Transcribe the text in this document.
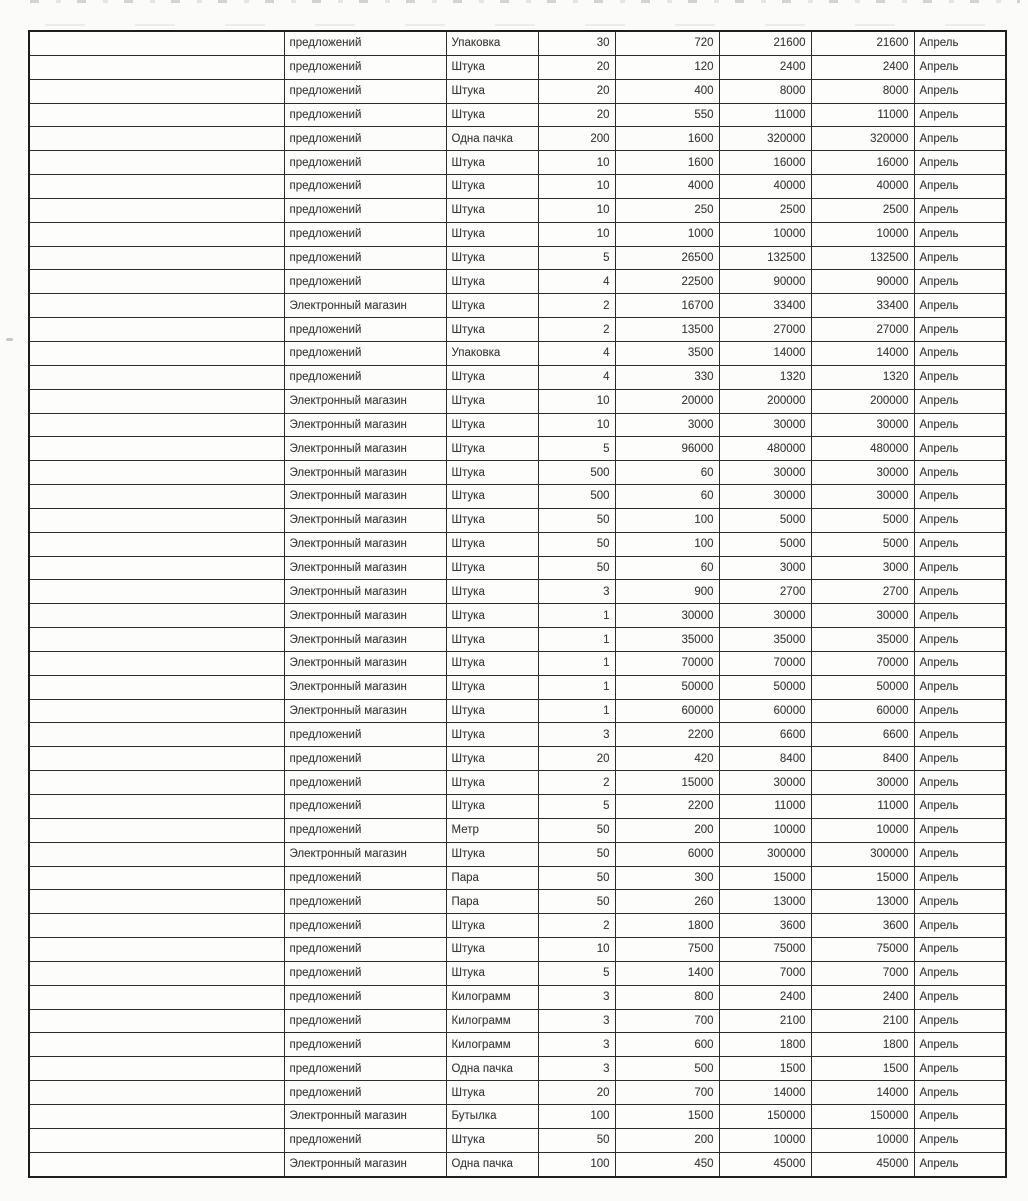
	предложений	Упаковка	30	720	21600	21600	Апрель
	предложений	Штука	20	120	2400	2400	Апрель
	предложений	Штука	20	400	8000	8000	Апрель
	предложений	Штука	20	550	11000	11000	Апрель
	предложений	Одна пачка	200	1600	320000	320000	Апрель
	предложений	Штука	10	1600	16000	16000	Апрель
	предложений	Штука	10	4000	40000	40000	Апрель
	предложений	Штука	10	250	2500	2500	Апрель
	предложений	Штука	10	1000	10000	10000	Апрель
	предложений	Штука	5	26500	132500	132500	Апрель
	предложений	Штука	4	22500	90000	90000	Апрель
	Электронный магазин	Штука	2	16700	33400	33400	Апрель
	предложений	Штука	2	13500	27000	27000	Апрель
	предложений	Упаковка	4	3500	14000	14000	Апрель
	предложений	Штука	4	330	1320	1320	Апрель
	Электронный магазин	Штука	10	20000	200000	200000	Апрель
	Электронный магазин	Штука	10	3000	30000	30000	Апрель
	Электронный магазин	Штука	5	96000	480000	480000	Апрель
	Электронный магазин	Штука	500	60	30000	30000	Апрель
	Электронный магазин	Штука	500	60	30000	30000	Апрель
	Электронный магазин	Штука	50	100	5000	5000	Апрель
	Электронный магазин	Штука	50	100	5000	5000	Апрель
	Электронный магазин	Штука	50	60	3000	3000	Апрель
	Электронный магазин	Штука	3	900	2700	2700	Апрель
	Электронный магазин	Штука	1	30000	30000	30000	Апрель
	Электронный магазин	Штука	1	35000	35000	35000	Апрель
	Электронный магазин	Штука	1	70000	70000	70000	Апрель
	Электронный магазин	Штука	1	50000	50000	50000	Апрель
	Электронный магазин	Штука	1	60000	60000	60000	Апрель
	предложений	Штука	3	2200	6600	6600	Апрель
	предложений	Штука	20	420	8400	8400	Апрель
	предложений	Штука	2	15000	30000	30000	Апрель
	предложений	Штука	5	2200	11000	11000	Апрель
	предложений	Метр	50	200	10000	10000	Апрель
	Электронный магазин	Штука	50	6000	300000	300000	Апрель
	предложений	Пара	50	300	15000	15000	Апрель
	предложений	Пара	50	260	13000	13000	Апрель
	предложений	Штука	2	1800	3600	3600	Апрель
	предложений	Штука	10	7500	75000	75000	Апрель
	предложений	Штука	5	1400	7000	7000	Апрель
	предложений	Килограмм	3	800	2400	2400	Апрель
	предложений	Килограмм	3	700	2100	2100	Апрель
	предложений	Килограмм	3	600	1800	1800	Апрель
	предложений	Одна пачка	3	500	1500	1500	Апрель
	предложений	Штука	20	700	14000	14000	Апрель
	Электронный магазин	Бутылка	100	1500	150000	150000	Апрель
	предложений	Штука	50	200	10000	10000	Апрель
	Электронный магазин	Одна пачка	100	450	45000	45000	Апрель
